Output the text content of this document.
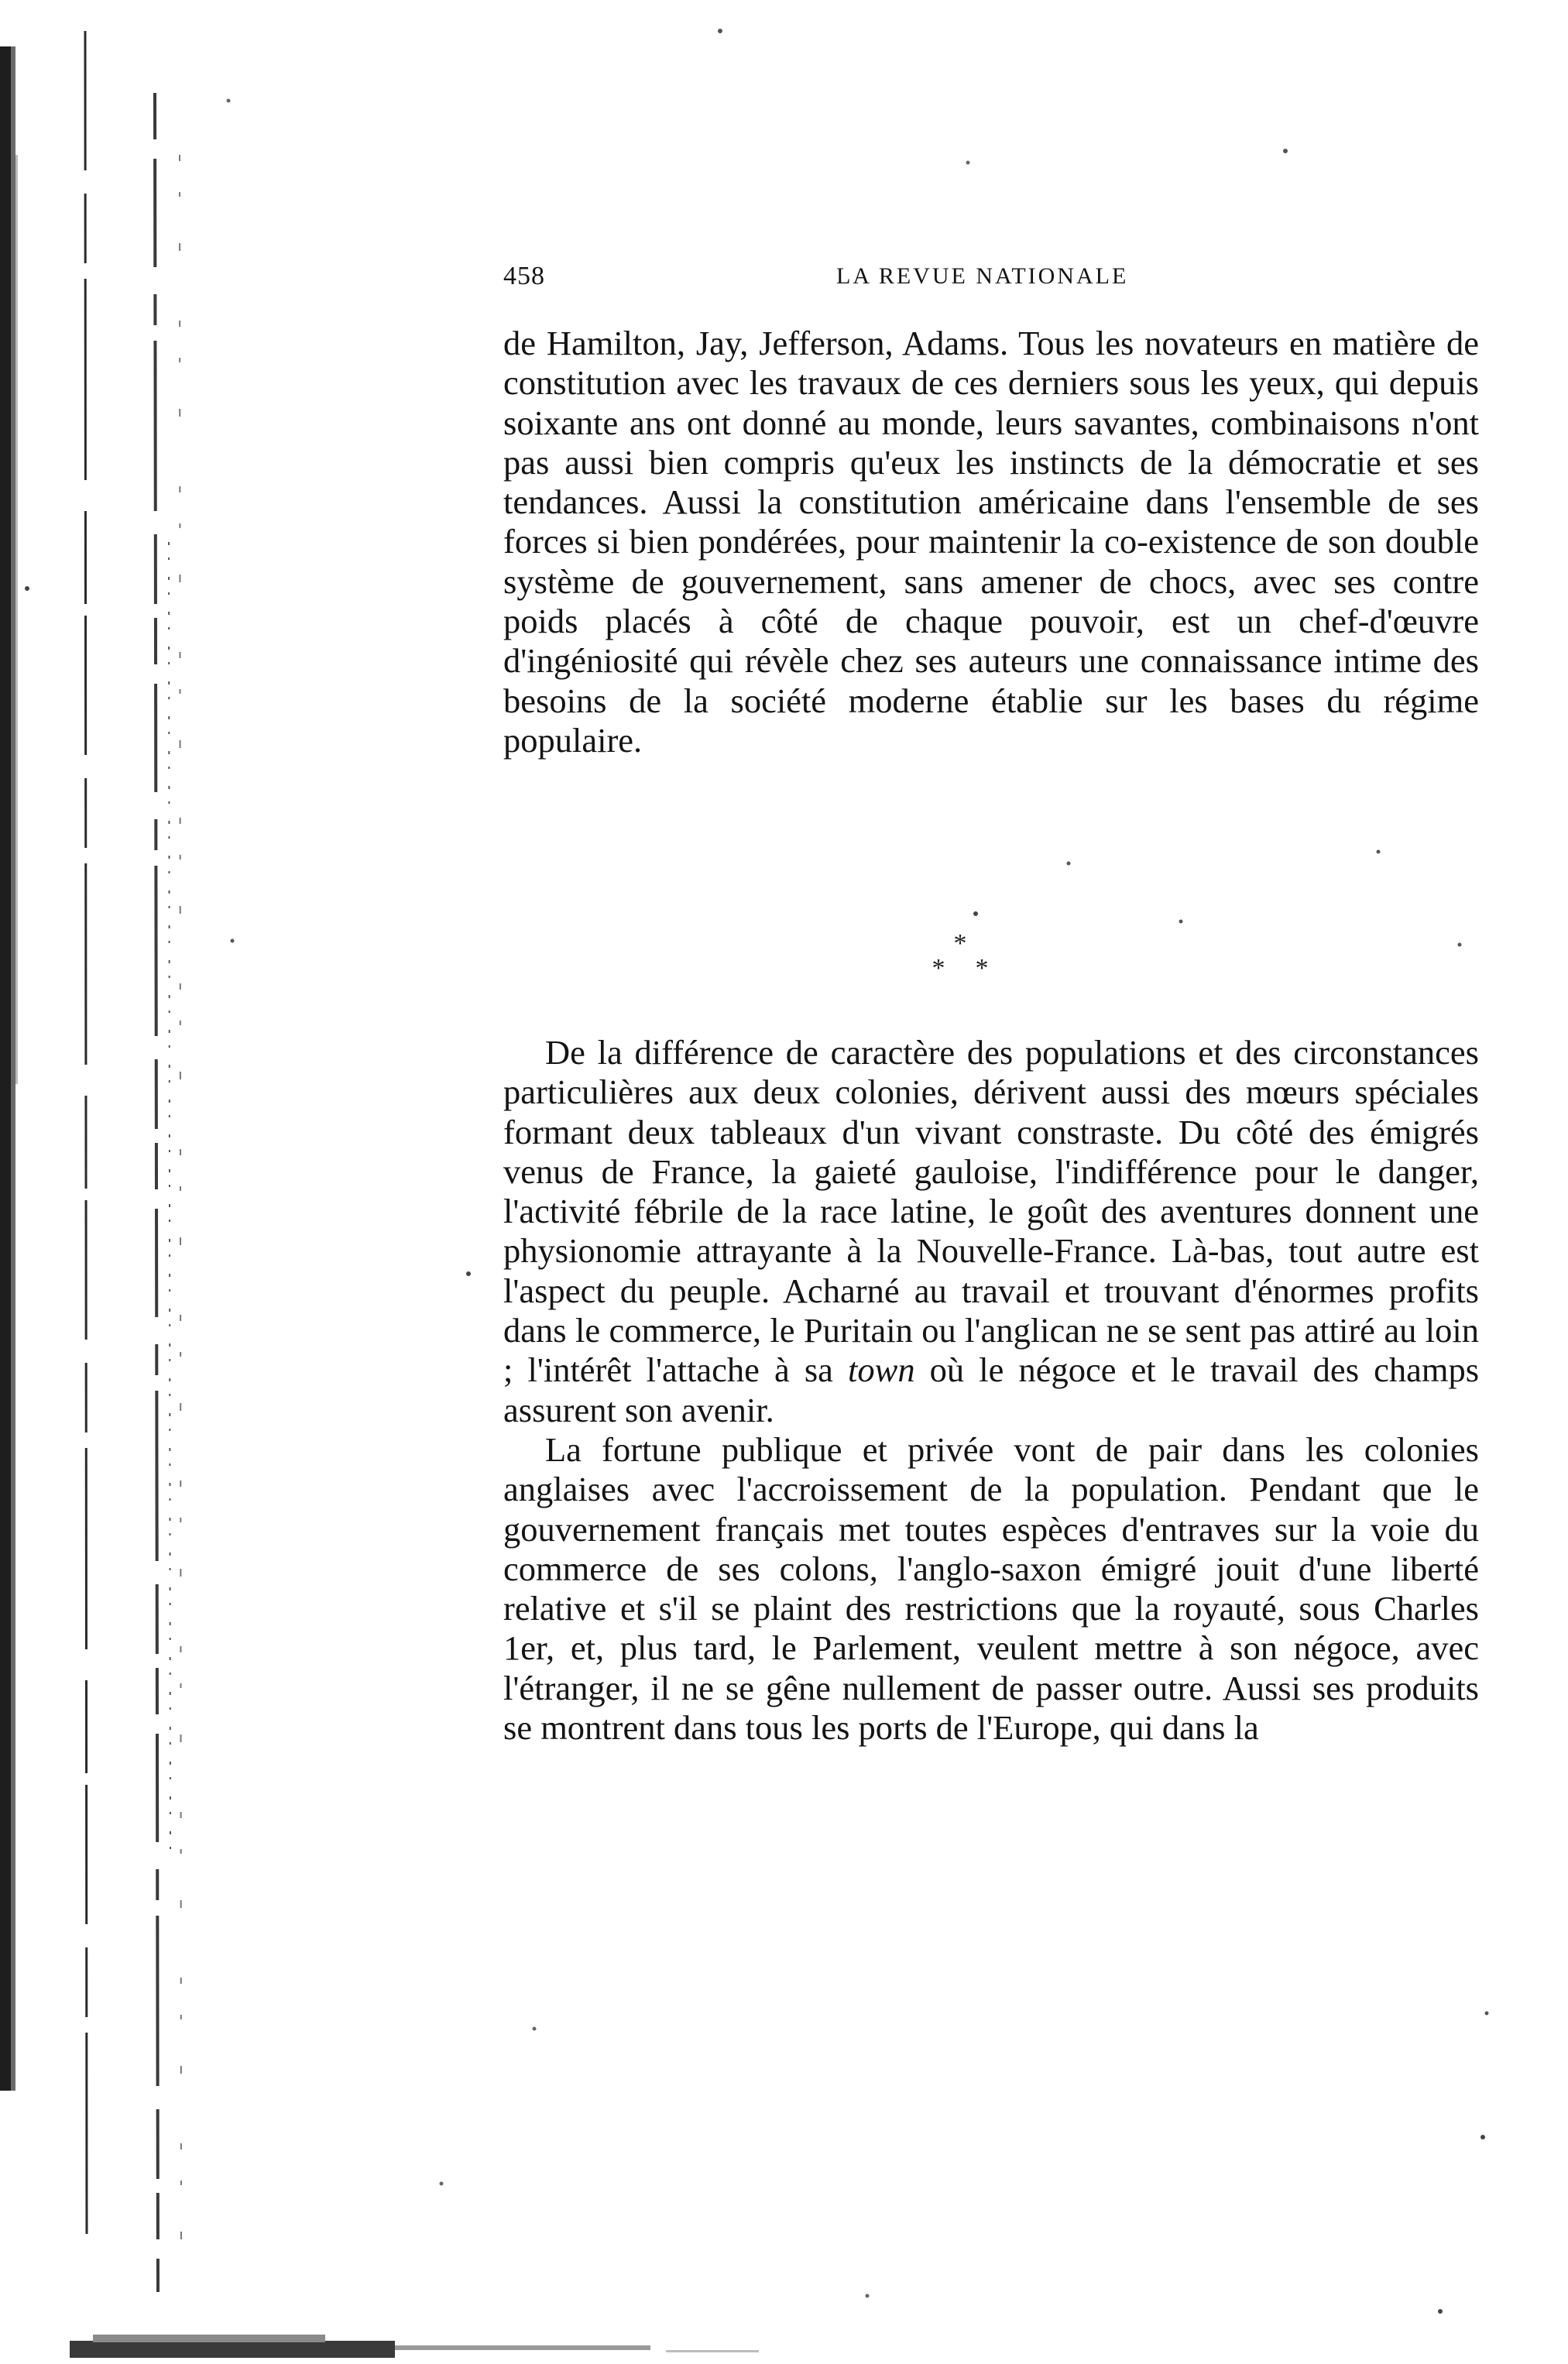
458	LA REVUE NATIONALE

de Hamilton, Jay, Jefferson, Adams. Tous les novateurs en matière de constitution avec les travaux de ces derniers sous les yeux, qui depuis soixante ans ont donné au monde, leurs savantes, combinaisons n'ont pas aussi bien compris qu'eux les instincts de la démocratie et ses tendances. Aussi la constitution américaine dans l'ensemble de ses forces si bien pondérées, pour maintenir la co-existence de son double système de gouvernement, sans amener de chocs, avec ses contre poids placés à côté de chaque pouvoir, est un chef-d'œuvre d'ingéniosité qui révèle chez ses auteurs une connaissance intime des besoins de la société moderne établie sur les bases du régime populaire.

*
* *

De la différence de caractère des populations et des circonstances particulières aux deux colonies, dérivent aussi des mœurs spéciales formant deux tableaux d'un vivant constraste. Du côté des émigrés venus de France, la gaieté gauloise, l'indifférence pour le danger, l'activité fébrile de la race latine, le goût des aventures donnent une physionomie attrayante à la Nouvelle-France. Là-bas, tout autre est l'aspect du peuple. Acharné au travail et trouvant d'énormes profits dans le commerce, le Puritain ou l'anglican ne se sent pas attiré au loin ; l'intérêt l'attache à sa town où le négoce et le travail des champs assurent son avenir.

La fortune publique et privée vont de pair dans les colonies anglaises avec l'accroissement de la population. Pendant que le gouvernement français met toutes espèces d'entraves sur la voie du commerce de ses colons, l'anglo-saxon émigré jouit d'une liberté relative et s'il se plaint des restrictions que la royauté, sous Charles 1er, et, plus tard, le Parlement, veulent mettre à son négoce, avec l'étranger, il ne se gêne nullement de passer outre. Aussi ses produits se montrent dans tous les ports de l'Europe, qui dans la
